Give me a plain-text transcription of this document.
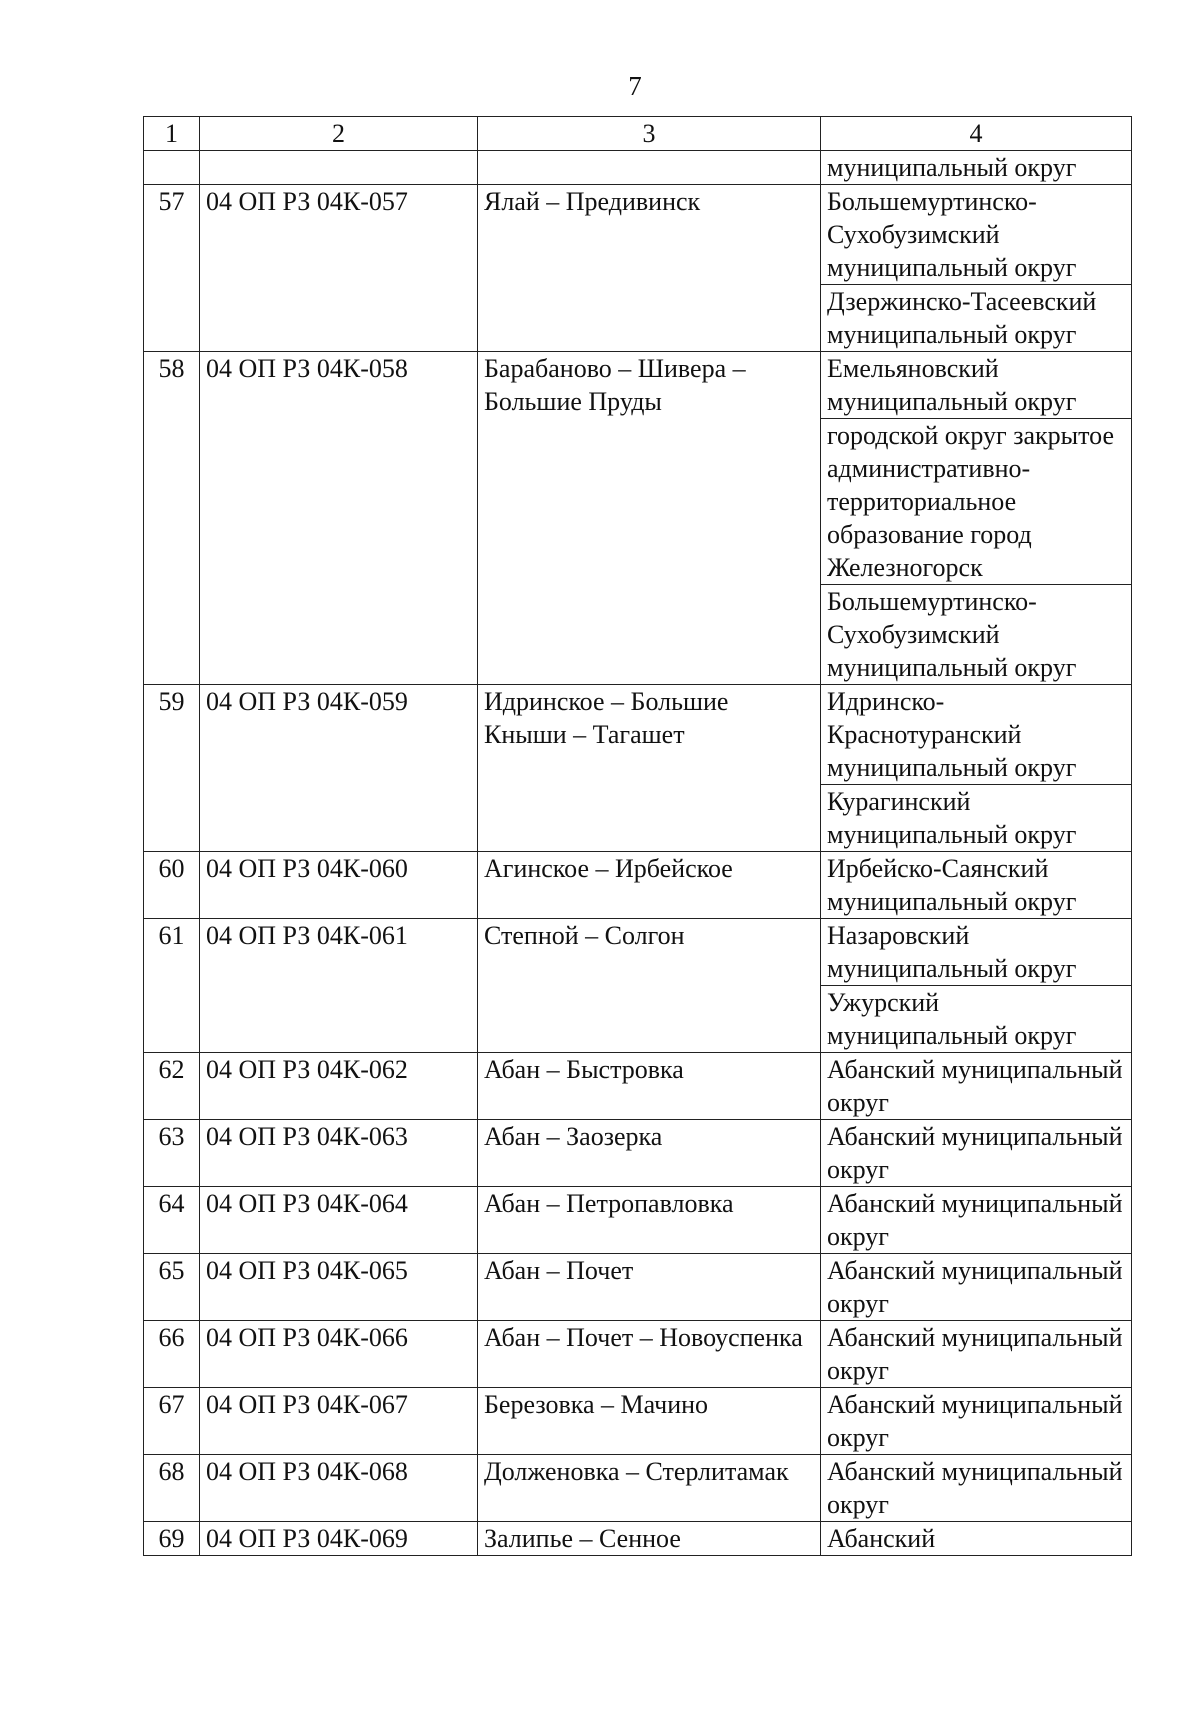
7
1	2	3	4
			муниципальный округ
57	04 ОП РЗ 04К-057	Ялай – Предивинск	Большемуртинско-Сухобузимский муниципальный округ
			Дзержинско-Тасеевский муниципальный округ
58	04 ОП РЗ 04К-058	Барабаново – Шивера – Большие Пруды	Емельяновский муниципальный округ
			городской округ закрытое административно-территориальное образование город Железногорск
			Большемуртинско-Сухобузимский муниципальный округ
59	04 ОП РЗ 04К-059	Идринское – Большие Кныши – Тагашет	Идринско-Краснотуранский муниципальный округ
			Курагинский муниципальный округ
60	04 ОП РЗ 04К-060	Агинское – Ирбейское	Ирбейско-Саянский муниципальный округ
61	04 ОП РЗ 04К-061	Степной – Солгон	Назаровский муниципальный округ
			Ужурский муниципальный округ
62	04 ОП РЗ 04К-062	Абан – Быстровка	Абанский муниципальный округ
63	04 ОП РЗ 04К-063	Абан – Заозерка	Абанский муниципальный округ
64	04 ОП РЗ 04К-064	Абан – Петропавловка	Абанский муниципальный округ
65	04 ОП РЗ 04К-065	Абан – Почет	Абанский муниципальный округ
66	04 ОП РЗ 04К-066	Абан – Почет – Новоуспенка	Абанский муниципальный округ
67	04 ОП РЗ 04К-067	Березовка – Мачино	Абанский муниципальный округ
68	04 ОП РЗ 04К-068	Долженовка – Стерлитамак	Абанский муниципальный округ
69	04 ОП РЗ 04К-069	Залипье – Сенное	Абанский
